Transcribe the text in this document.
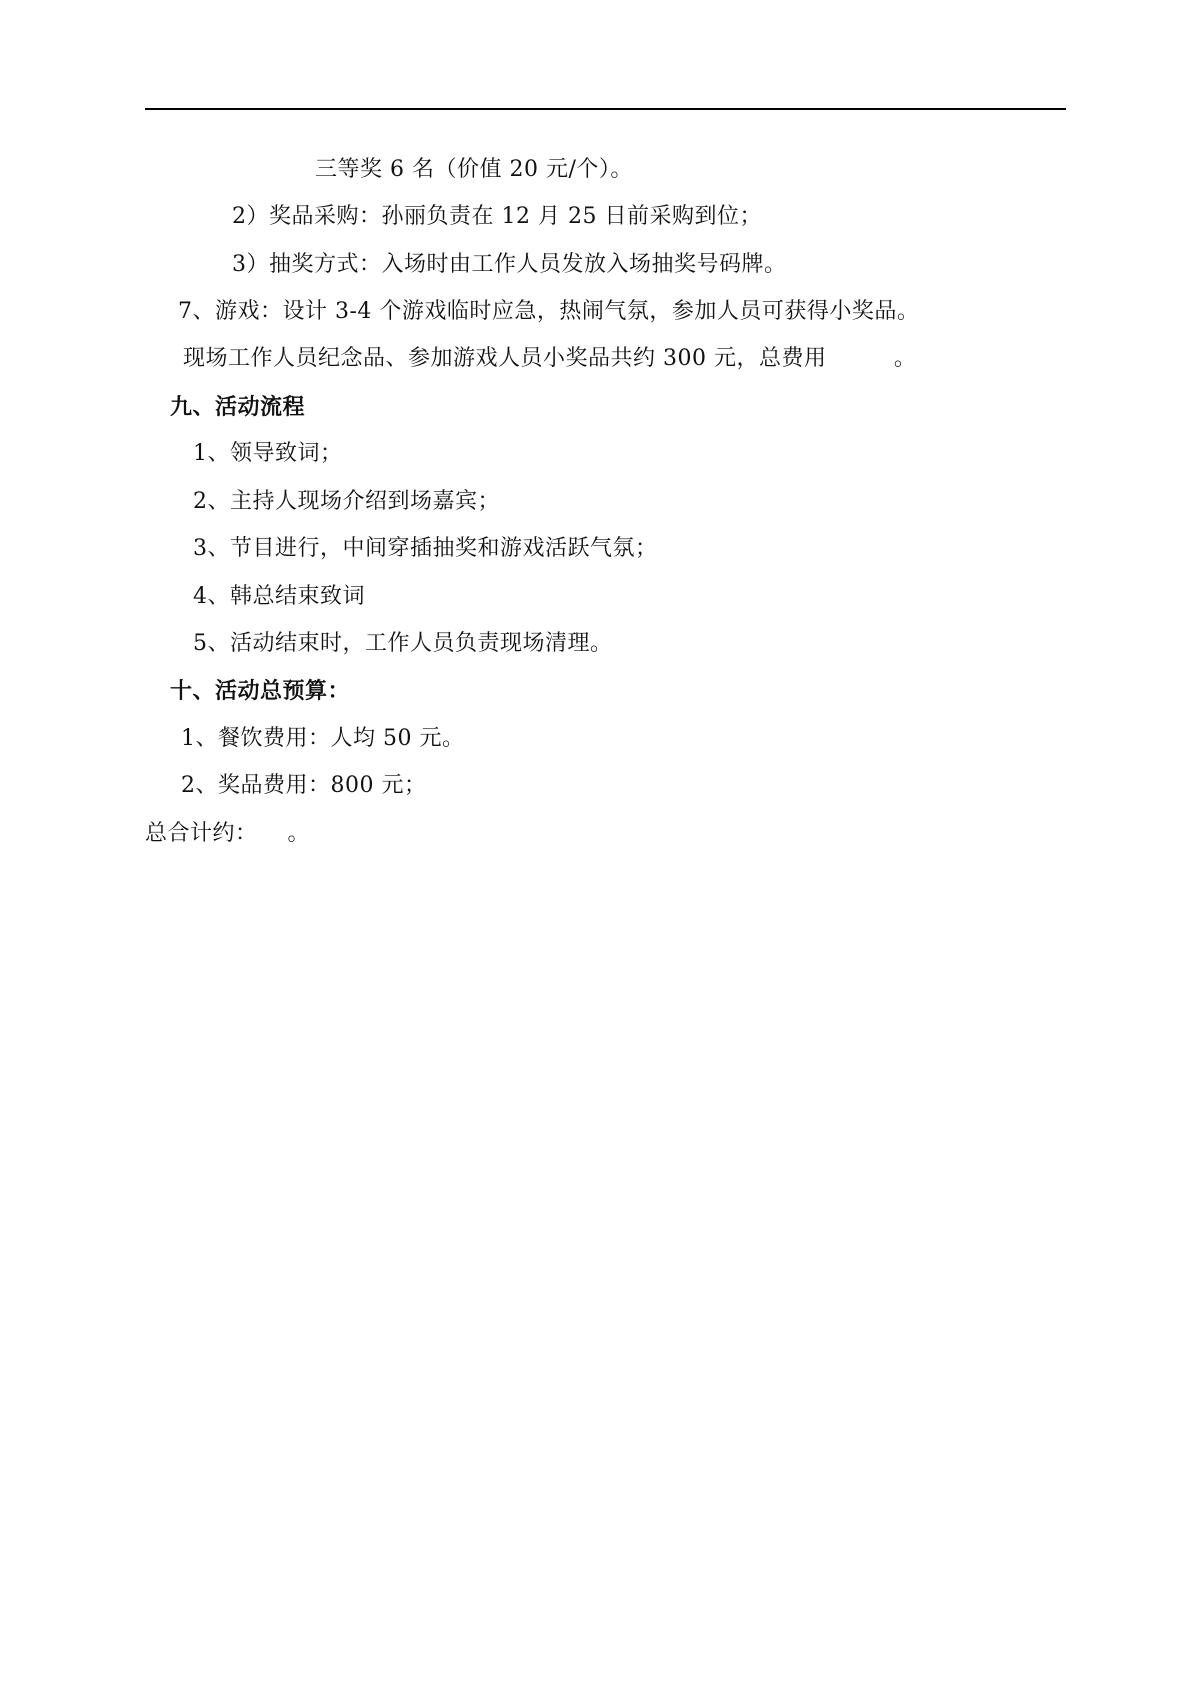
三等奖 6 名（价值 20 元/个）。
2）奖品采购：孙丽负责在 12 月 25 日前采购到位；
3）抽奖方式：入场时由工作人员发放入场抽奖号码牌。
7、游戏：设计 3-4 个游戏临时应急，热闹气氛，参加人员可获得小奖品。
现场工作人员纪念品、参加游戏人员小奖品共约 300 元，总费用         。
九、活动流程
1、领导致词；
2、主持人现场介绍到场嘉宾；
3、节目进行，中间穿插抽奖和游戏活跃气氛；
4、韩总结束致词
5、活动结束时，工作人员负责现场清理。
十、活动总预算：
1、餐饮费用：人均 50 元。
2、奖品费用：800 元；
总合计约：    。
